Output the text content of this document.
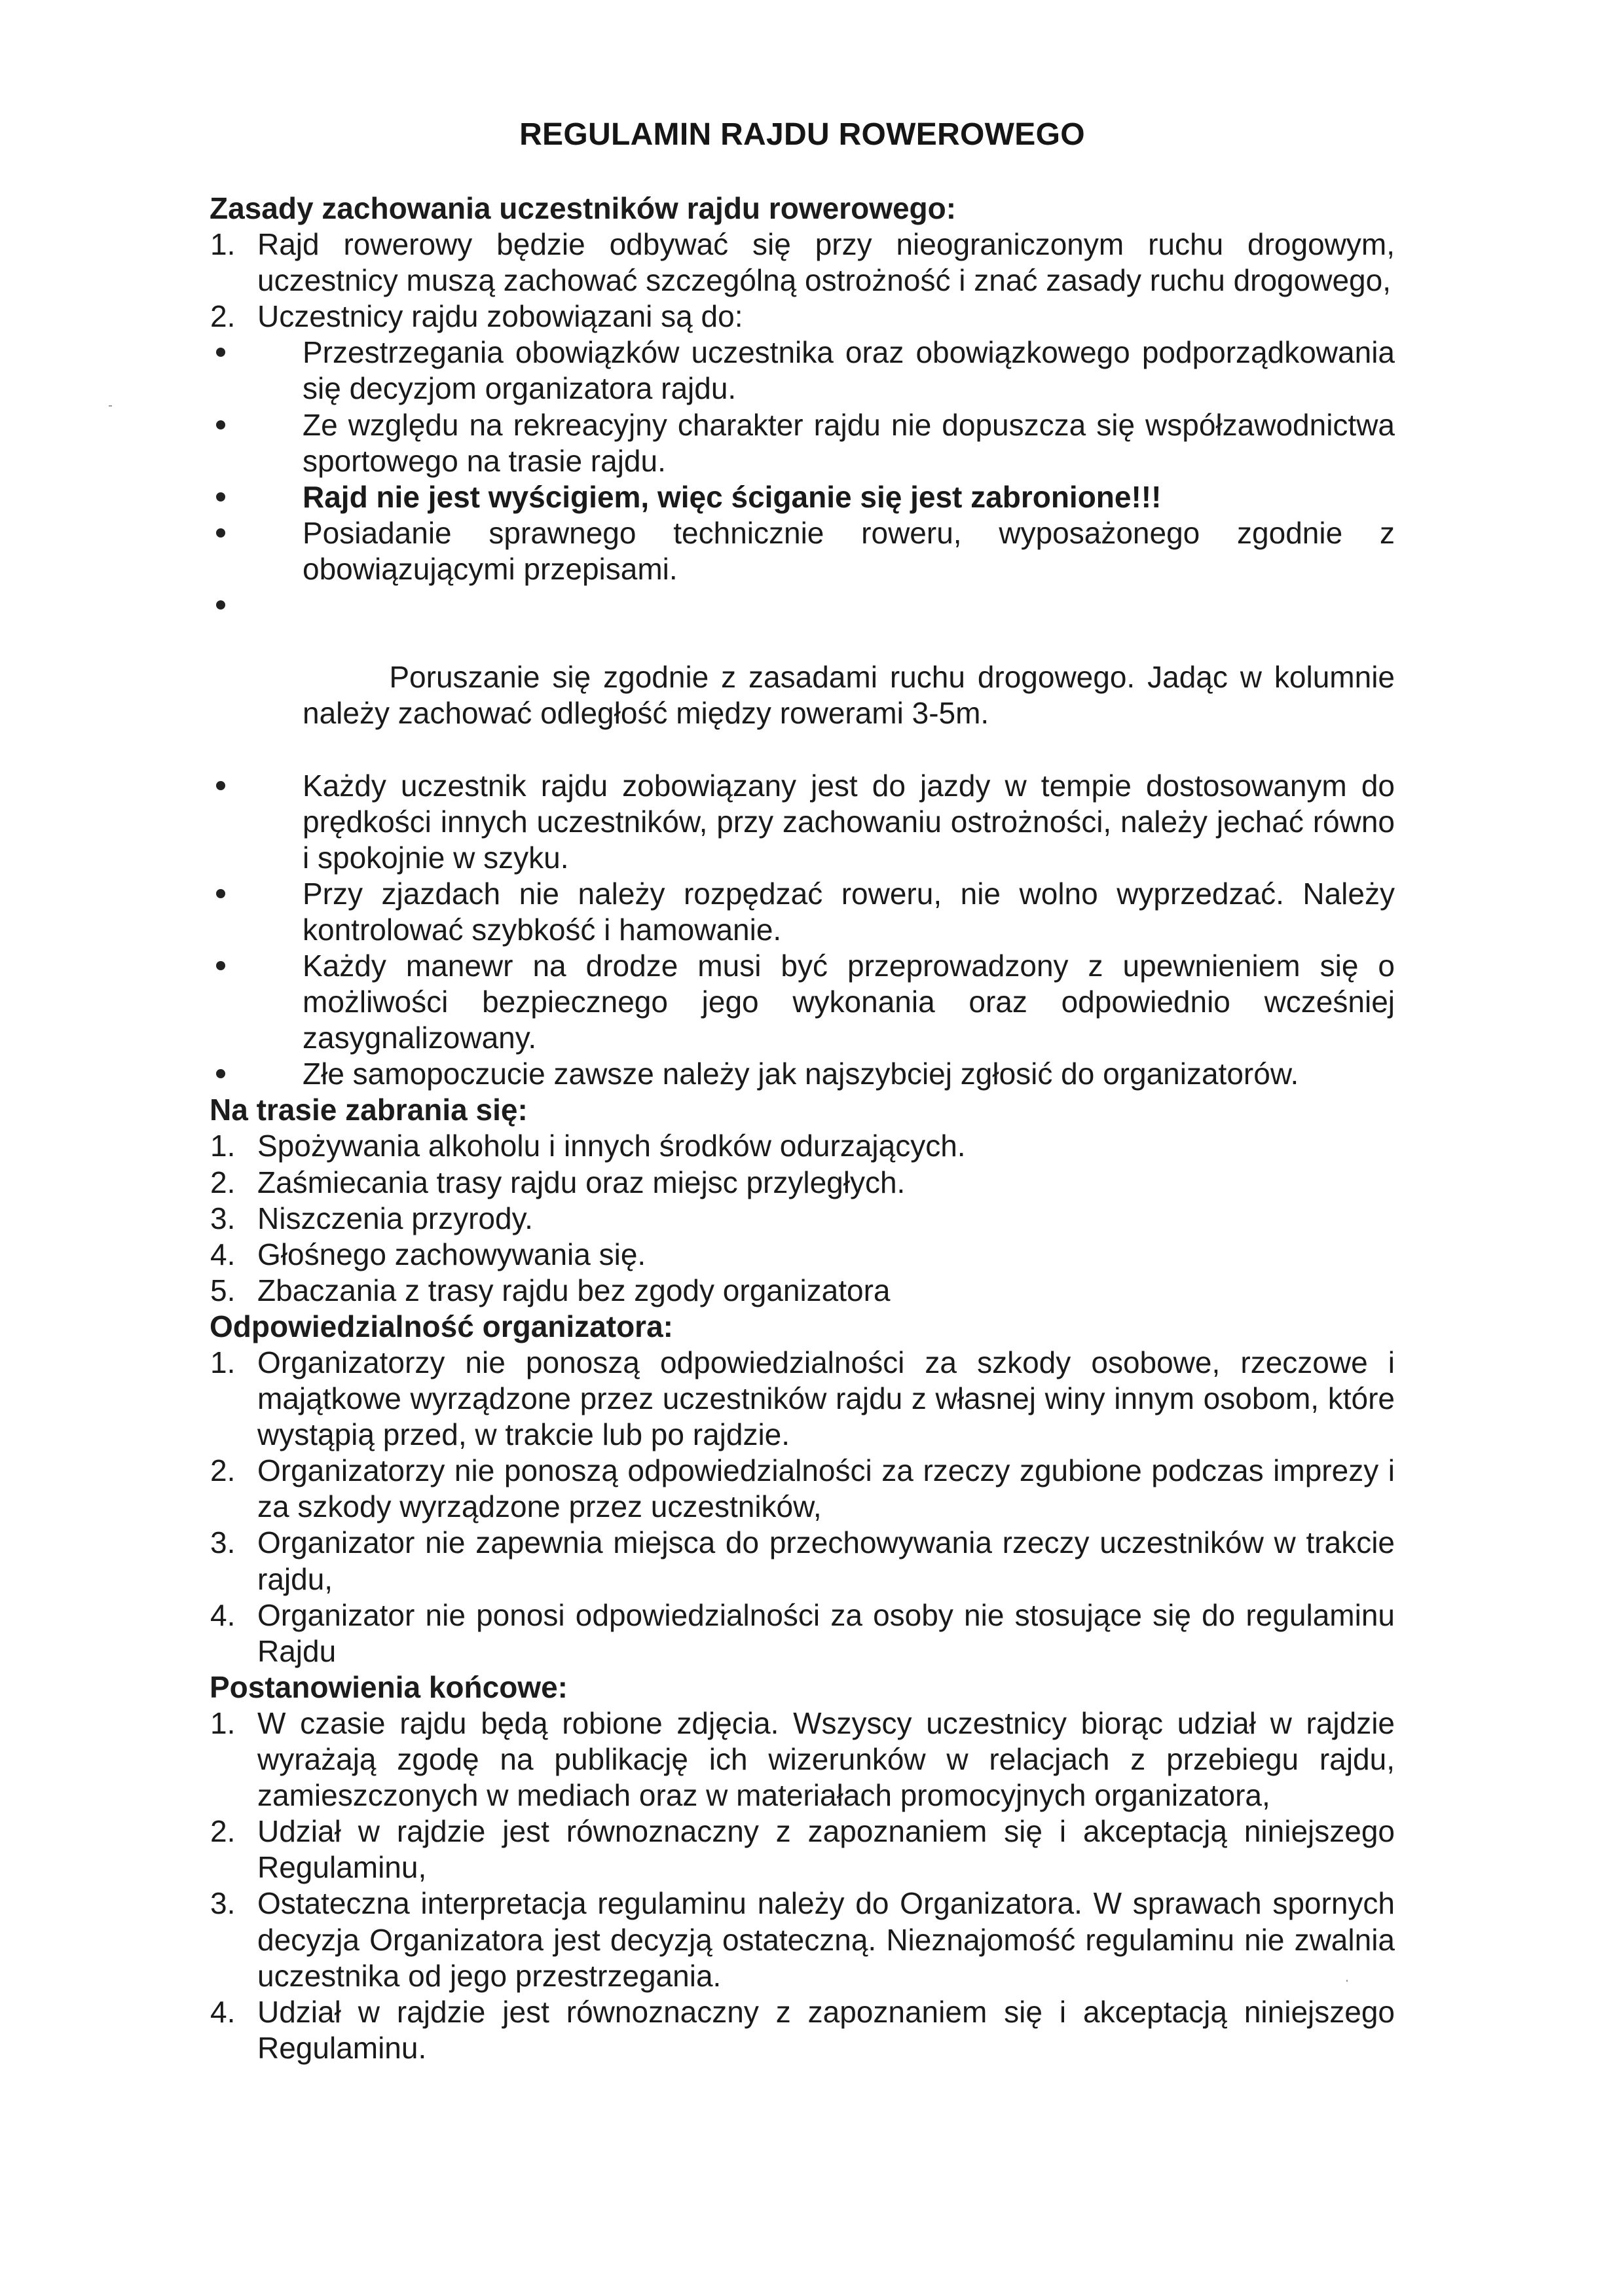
REGULAMIN RAJDU ROWEROWEGO
Zasady zachowania uczestników rajdu rowerowego:
1. Rajd rowerowy będzie odbywać się przy nieograniczonym ruchu drogowym, uczestnicy muszą zachować szczególną ostrożność i znać zasady ruchu drogowego,
2. Uczestnicy rajdu zobowiązani są do:
Przestrzegania obowiązków uczestnika oraz obowiązkowego podporządkowania się decyzjom organizatora rajdu.
Ze względu na rekreacyjny charakter rajdu nie dopuszcza się współzawodnictwa sportowego na trasie rajdu.
Rajd nie jest wyścigiem, więc ściganie się jest zabronione!!!
Posiadanie sprawnego technicznie roweru, wyposażonego zgodnie z obowiązującymi przepisami.

Poruszanie się zgodnie z zasadami ruchu drogowego. Jadąc w kolumnie należy zachować odległość między rowerami 3-5m.

Każdy uczestnik rajdu zobowiązany jest do jazdy w tempie dostosowanym do prędkości innych uczestników, przy zachowaniu ostrożności, należy jechać równo i spokojnie w szyku.
Przy zjazdach nie należy rozpędzać roweru, nie wolno wyprzedzać. Należy kontrolować szybkość i hamowanie.
Każdy manewr na drodze musi być przeprowadzony z upewnieniem się o możliwości bezpiecznego jego wykonania oraz odpowiednio wcześniej zasygnalizowany.
Złe samopoczucie zawsze należy jak najszybciej zgłosić do organizatorów.
Na trasie zabrania się:
1. Spożywania alkoholu i innych środków odurzających.
2. Zaśmiecania trasy rajdu oraz miejsc przyległych.
3. Niszczenia przyrody.
4. Głośnego zachowywania się.
5. Zbaczania z trasy rajdu bez zgody organizatora
Odpowiedzialność organizatora:
1. Organizatorzy nie ponoszą odpowiedzialności za szkody osobowe, rzeczowe i majątkowe wyrządzone przez uczestników rajdu z własnej winy innym osobom, które wystąpią przed, w trakcie lub po rajdzie.
2. Organizatorzy nie ponoszą odpowiedzialności za rzeczy zgubione podczas imprezy i za szkody wyrządzone przez uczestników,
3. Organizator nie zapewnia miejsca do przechowywania rzeczy uczestników w trakcie rajdu,
4. Organizator nie ponosi odpowiedzialności za osoby nie stosujące się do regulaminu Rajdu
Postanowienia końcowe:
1. W czasie rajdu będą robione zdjęcia. Wszyscy uczestnicy biorąc udział w rajdzie wyrażają zgodę na publikację ich wizerunków w relacjach z przebiegu rajdu, zamieszczonych w mediach oraz w materiałach promocyjnych organizatora,
2. Udział w rajdzie jest równoznaczny z zapoznaniem się i akceptacją niniejszego Regulaminu,
3. Ostateczna interpretacja regulaminu należy do Organizatora. W sprawach spornych decyzja Organizatora jest decyzją ostateczną. Nieznajomość regulaminu nie zwalnia uczestnika od jego przestrzegania.
4. Udział w rajdzie jest równoznaczny z zapoznaniem się i akceptacją niniejszego Regulaminu.
